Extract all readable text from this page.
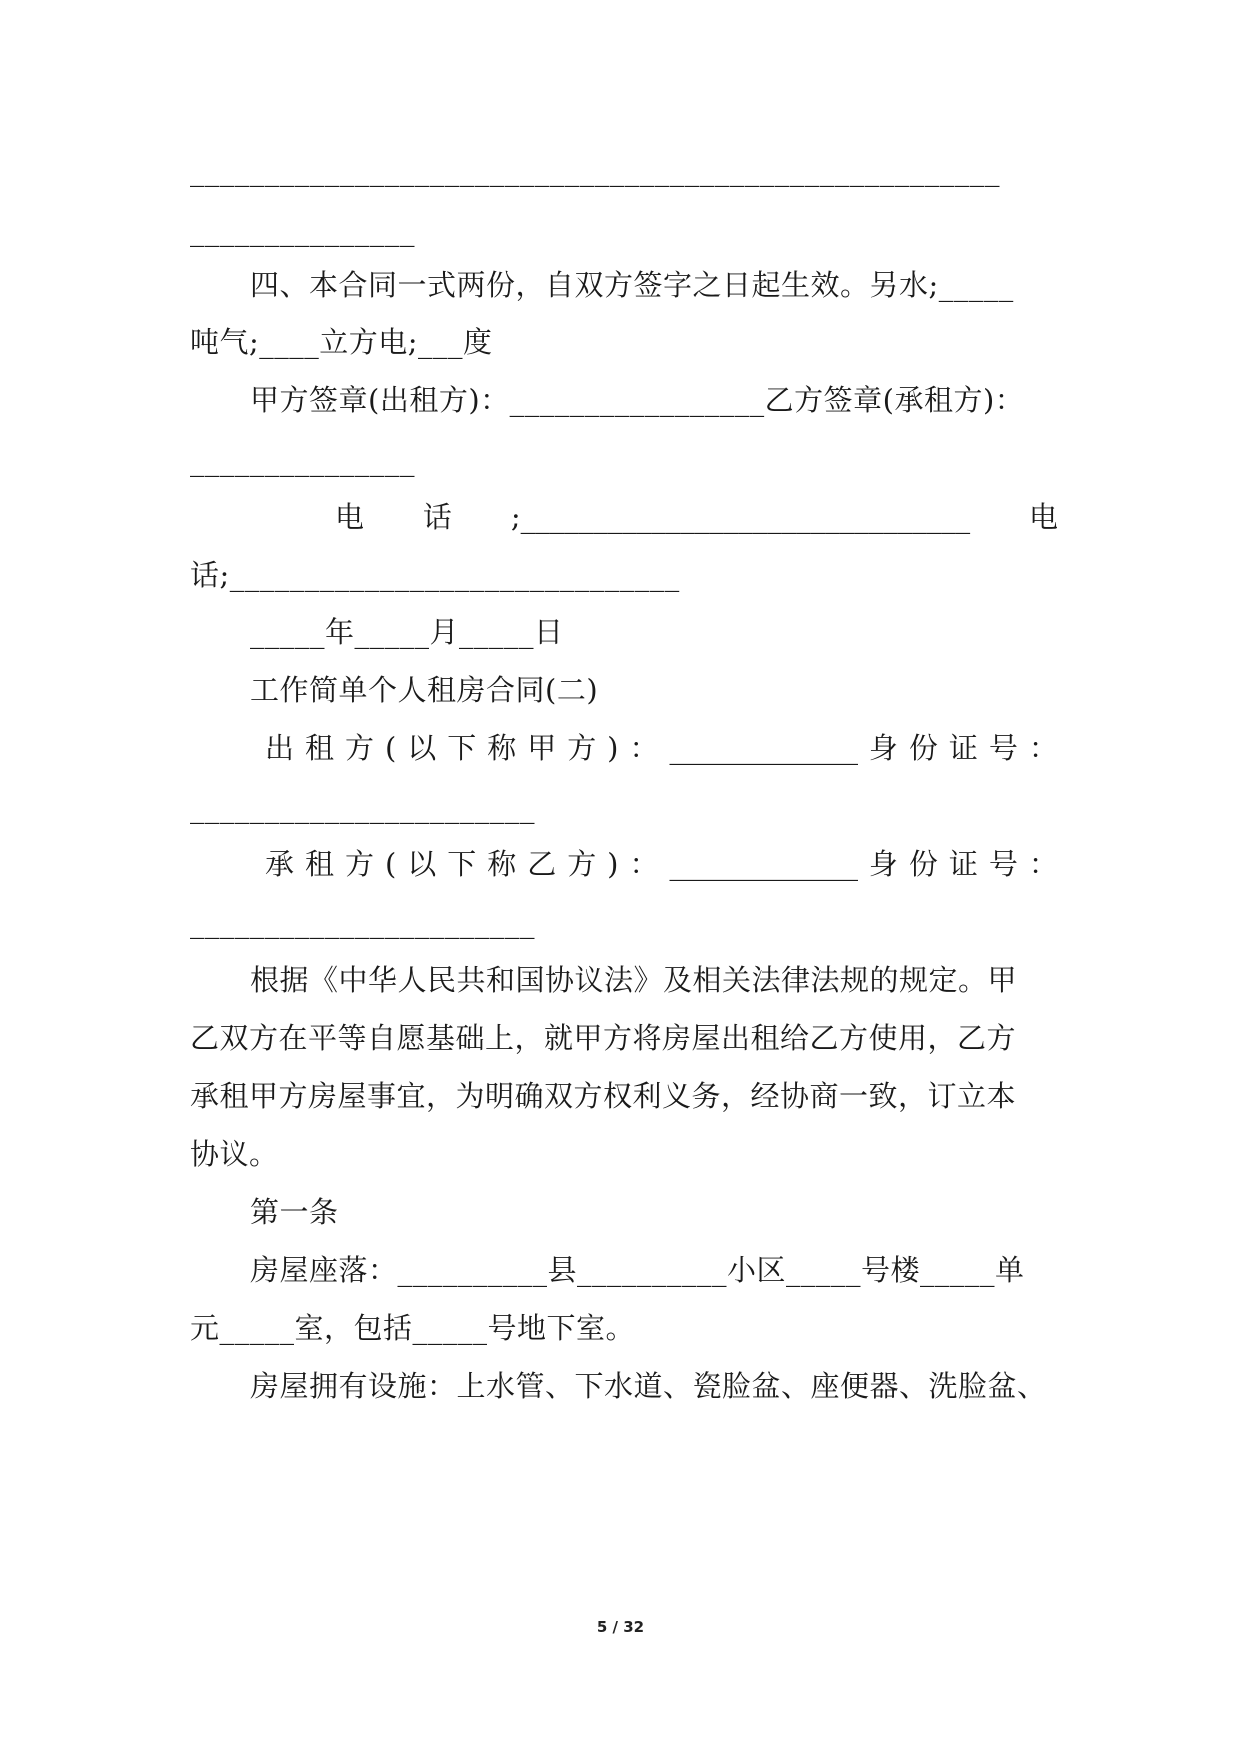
______________________________________________________
_______________
四、本合同一式两份，自双方签字之日起生效。另水;_____
吨气;____立方电;___度
甲方签章(出租方)：_________________乙方签章(承租方)：
_______________
电 话 ;_______________________________ 电
话;______________________________
_____年_____月_____日
工作简单个人租房合同(二)
出 租 方 ( 以 下 称 甲 方 ) ： _____________ 身 份 证 号 ：
_______________________
承 租 方 ( 以 下 称 乙 方 ) ： _____________ 身 份 证 号 ：
_______________________
根据《中华人民共和国协议法》及相关法律法规的规定。甲
乙双方在平等自愿基础上，就甲方将房屋出租给乙方使用，乙方
承租甲方房屋事宜，为明确双方权利义务，经协商一致，订立本
协议。
第一条
房屋座落：__________县__________小区_____号楼_____单
元_____室，包括_____号地下室。
房屋拥有设施：上水管、下水道、瓷脸盆、座便器、洗脸盆、
5 / 32
